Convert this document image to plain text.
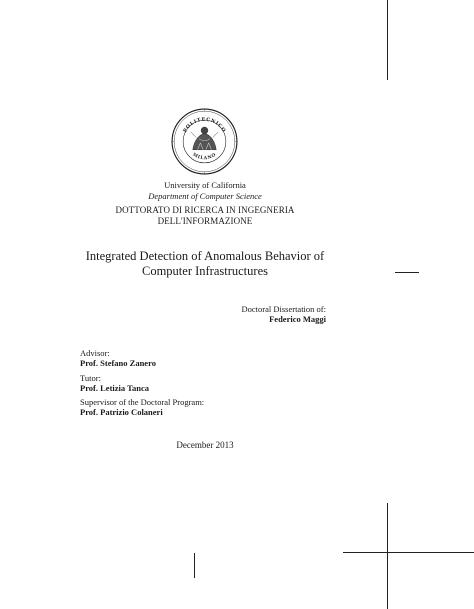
POLITECNICO
MILANO
University of California
Department of Computer Science
DOTTORATO DI RICERCA IN INGEGNERIA
DELL'INFORMAZIONE
Integrated Detection of Anomalous Behavior of
Computer Infrastructures
Doctoral Dissertation of:
Federico Maggi
Advisor:
Prof. Stefano Zanero
Tutor:
Prof. Letizia Tanca
Supervisor of the Doctoral Program:
Prof. Patrizio Colaneri
December 2013
